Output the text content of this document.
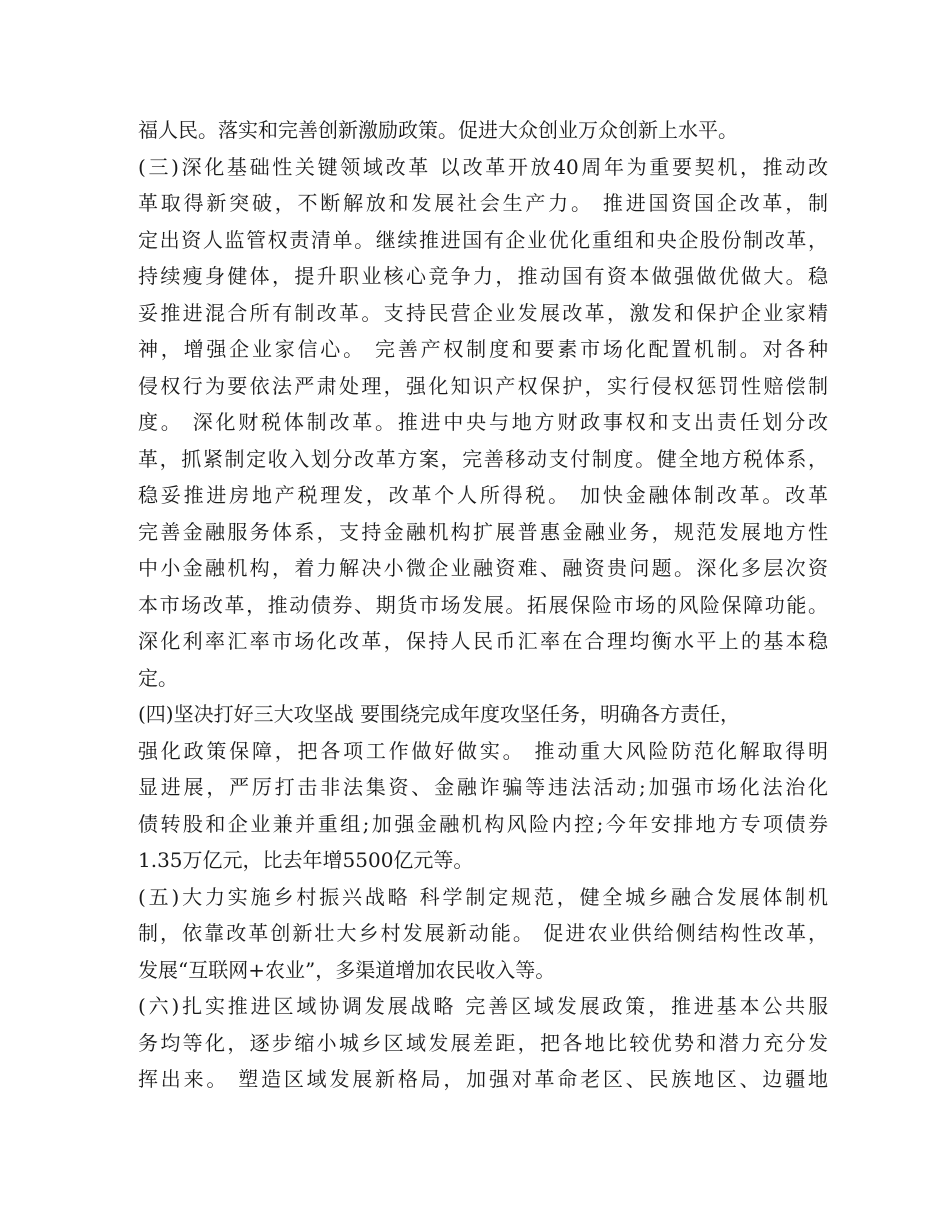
福人民。落实和完善创新激励政策。促进大众创业万众创新上水平。
(三)深化基础性关键领域改革 以改革开放40周年为重要契机，推动改
革取得新突破，不断解放和发展社会生产力。 推进国资国企改革，制
定出资人监管权责清单。继续推进国有企业优化重组和央企股份制改革，
持续瘦身健体，提升职业核心竞争力，推动国有资本做强做优做大。稳
妥推进混合所有制改革。支持民营企业发展改革，激发和保护企业家精
神，增强企业家信心。 完善产权制度和要素市场化配置机制。对各种
侵权行为要依法严肃处理，强化知识产权保护，实行侵权惩罚性赔偿制
度。 深化财税体制改革。推进中央与地方财政事权和支出责任划分改
革，抓紧制定收入划分改革方案，完善移动支付制度。健全地方税体系，
稳妥推进房地产税理发，改革个人所得税。 加快金融体制改革。改革
完善金融服务体系，支持金融机构扩展普惠金融业务，规范发展地方性
中小金融机构，着力解决小微企业融资难、融资贵问题。深化多层次资
本市场改革，推动债券、期货市场发展。拓展保险市场的风险保障功能。
深化利率汇率市场化改革，保持人民币汇率在合理均衡水平上的基本稳
定。
(四)坚决打好三大攻坚战 要围绕完成年度攻坚任务，明确各方责任，
强化政策保障，把各项工作做好做实。 推动重大风险防范化解取得明
显进展，严厉打击非法集资、金融诈骗等违法活动;加强市场化法治化
债转股和企业兼并重组;加强金融机构风险内控;今年安排地方专项债券
1.35万亿元，比去年增5500亿元等。
(五)大力实施乡村振兴战略 科学制定规范，健全城乡融合发展体制机
制，依靠改革创新壮大乡村发展新动能。 促进农业供给侧结构性改革，
发展“互联网+农业”，多渠道增加农民收入等。
(六)扎实推进区域协调发展战略 完善区域发展政策，推进基本公共服
务均等化，逐步缩小城乡区域发展差距，把各地比较优势和潜力充分发
挥出来。 塑造区域发展新格局，加强对革命老区、民族地区、边疆地
